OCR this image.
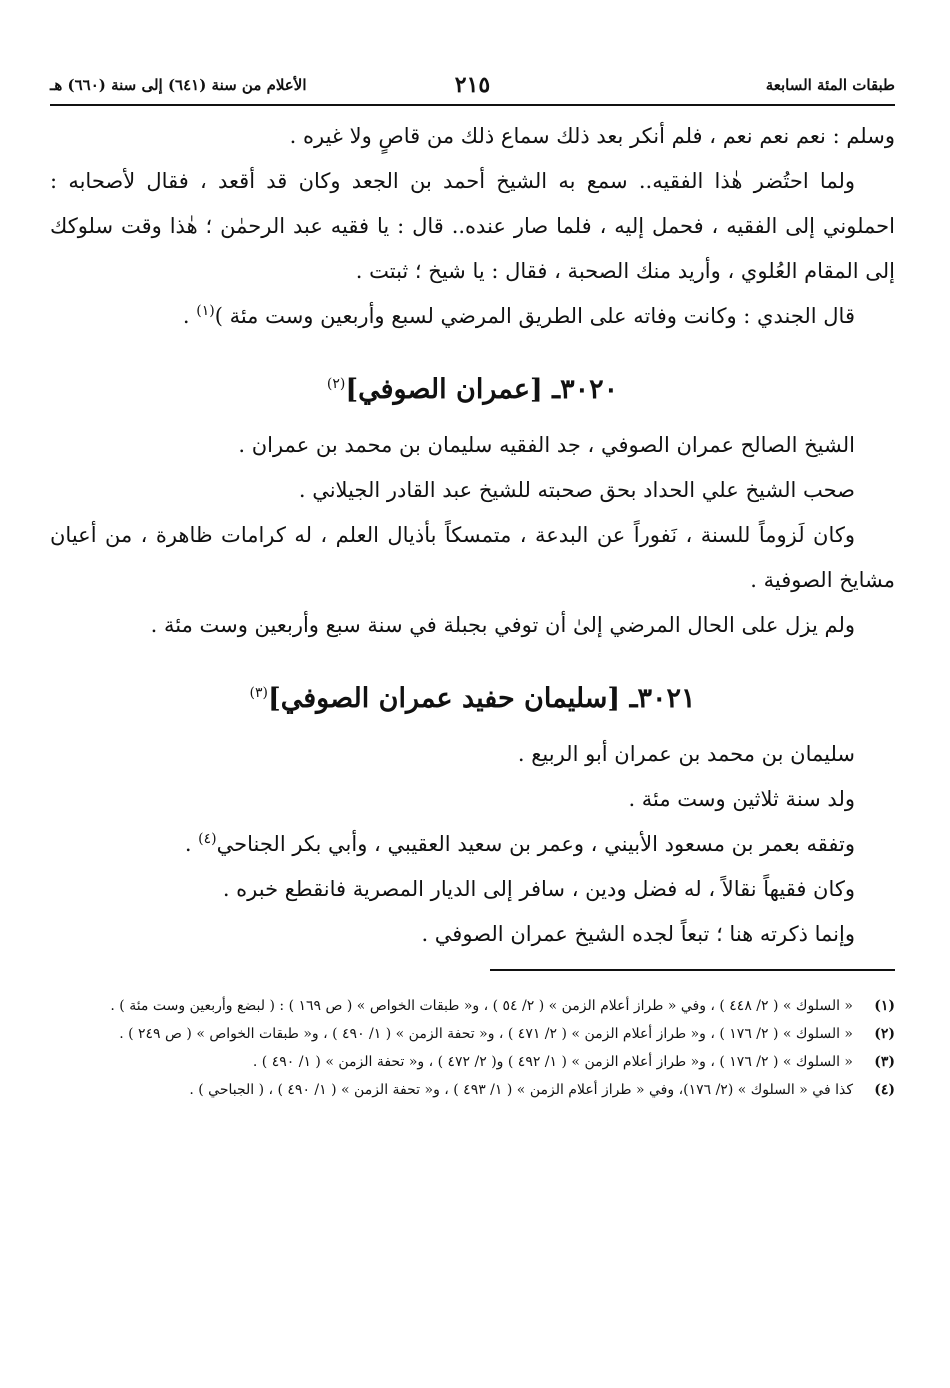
طبقات المئة السابعة
٢١٥
الأعلام من سنة (٦٤١) إلى سنة (٦٦٠) هـ

وسلم : نعم نعم نعم ، فلم أنكر بعد ذلك سماع ذلك من قاصٍ ولا غيره .

ولما احتُضر هٰذا الفقيه.. سمع به الشيخ أحمد بن الجعد وكان قد أقعد ، فقال لأصحابه : احملوني إلى الفقيه ، فحمل إليه ، فلما صار عنده.. قال : يا فقيه عبد الرحمٰن ؛ هٰذا وقت سلوكك إلى المقام العُلوي ، وأريد منك الصحبة ، فقال : يا شيخ ؛ ثبتت .

قال الجندي : وكانت وفاته على الطريق المرضي لسبع وأربعين وست مئة )$^{(١)}$ .

٣٠٢٠ـ [عمران الصوفي]$^{(٢)}$

الشيخ الصالح عمران الصوفي ، جد الفقيه سليمان بن محمد بن عمران .

صحب الشيخ علي الحداد بحق صحبته للشيخ عبد القادر الجيلاني .

وكان لَزوماً للسنة ، نَفوراً عن البدعة ، متمسكاً بأذيال العلم ، له كرامات ظاهرة ، من أعيان مشايخ الصوفية .

ولم يزل على الحال المرضي إلىٰ أن توفي بجبلة في سنة سبع وأربعين وست مئة .

٣٠٢١ـ [سليمان حفيد عمران الصوفي]$^{(٣)}$

سليمان بن محمد بن عمران أبو الربيع .

ولد سنة ثلاثين وست مئة .

وتفقه بعمر بن مسعود الأبيني ، وعمر بن سعيد العقيبي ، وأبي بكر الجناحي$^{(٤)}$ .

وكان فقيهاً نقالاً ، له فضل ودين ، سافر إلى الديار المصرية فانقطع خبره .

وإنما ذكرته هنا ؛ تبعاً لجده الشيخ عمران الصوفي .

(١)
« السلوك » ( ٢/ ٤٤٨ ) ، وفي « طراز أعلام الزمن » ( ٢/ ٥٤ ) ، و« طبقات الخواص » ( ص ١٦٩ ) : ( لبضع وأربعين وست مئة ) .
(٢)
« السلوك » ( ٢/ ١٧٦ ) ، و« طراز أعلام الزمن » ( ٢/ ٤٧١ ) ، و« تحفة الزمن » ( ١/ ٤٩٠ ) ، و« طبقات الخواص » ( ص ٢٤٩ ) .
(٣)
« السلوك » ( ٢/ ١٧٦ ) ، و« طراز أعلام الزمن » ( ١/ ٤٩٢ ) و( ٢/ ٤٧٢ ) ، و« تحفة الزمن » ( ١/ ٤٩٠ ) .
(٤)
كذا في « السلوك » (٢/ ١٧٦)، وفي « طراز أعلام الزمن » ( ١/ ٤٩٣ ) ، و« تحفة الزمن » ( ١/ ٤٩٠ ) ، ( الجباحي ) .
